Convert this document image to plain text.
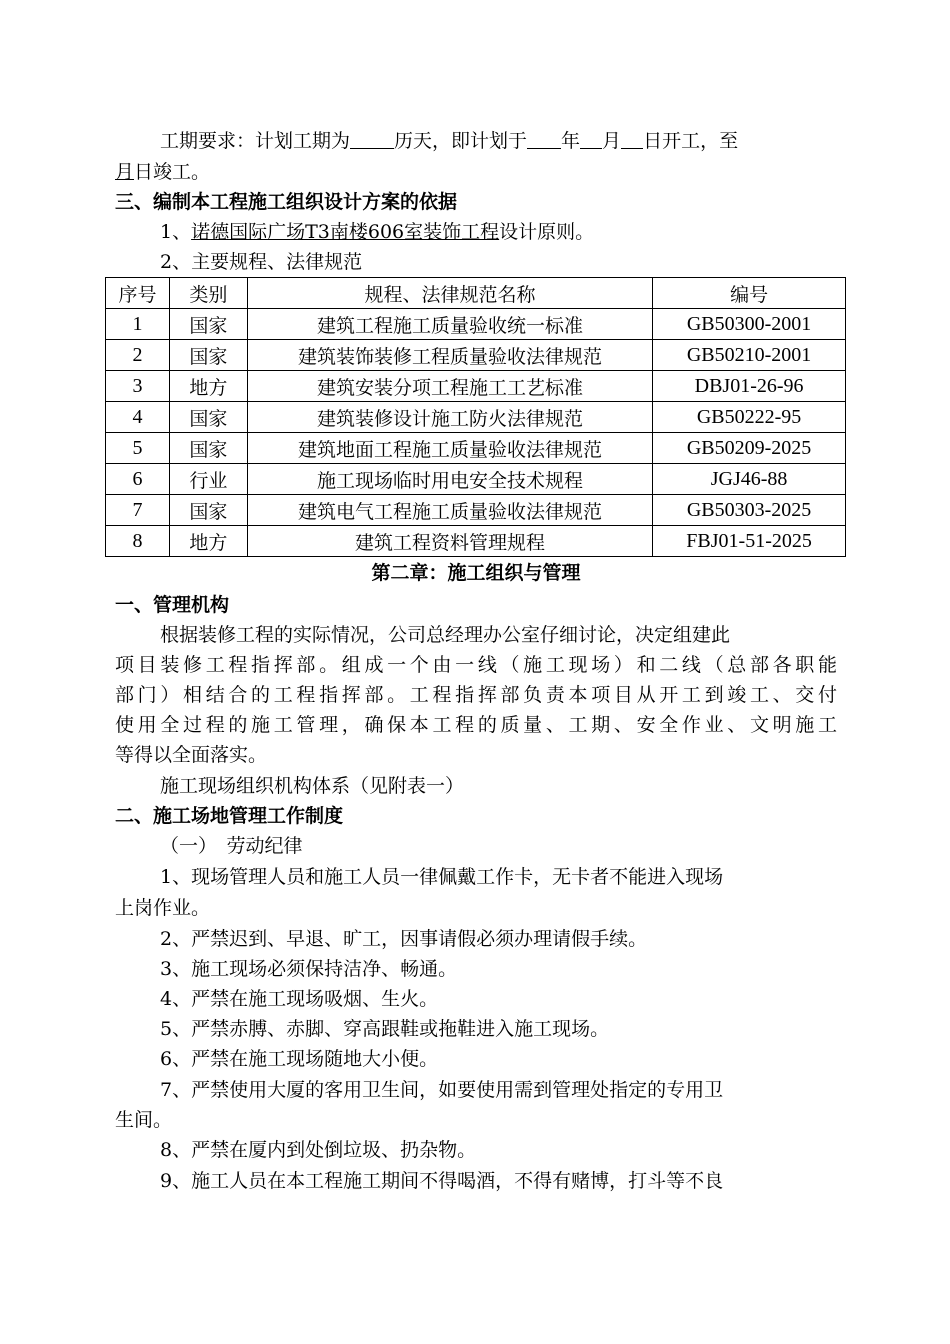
工期要求：计划工期为 历天，即计划于 年 月 日开工，至
月日竣工。
三、编制本工程施工组织设计方案的依据
1、诺德国际广场T3南楼606室装饰工程设计原则。
2、主要规程、法律规范
序号	类别	规程、法律规范名称	编号
1	国家	建筑工程施工质量验收统一标准	GB50300-2001
2	国家	建筑装饰装修工程质量验收法律规范	GB50210-2001
3	地方	建筑安装分项工程施工工艺标准	DBJ01-26-96
4	国家	建筑装修设计施工防火法律规范	GB50222-95
5	国家	建筑地面工程施工质量验收法律规范	GB50209-2025
6	行业	施工现场临时用电安全技术规程	JGJ46-88
7	国家	建筑电气工程施工质量验收法律规范	GB50303-2025
8	地方	建筑工程资料管理规程	FBJ01-51-2025
第二章：施工组织与管理
一、管理机构
根据装修工程的实际情况，公司总经理办公室仔细讨论，决定组建此
项目装修工程指挥部。组成一个由一线（施工现场）和二线（总部各职能
部门）相结合的工程指挥部。工程指挥部负责本项目从开工到竣工、交付
使用全过程的施工管理，确保本工程的质量、工期、安全作业、文明施工
等得以全面落实。
施工现场组织机构体系（见附表一）
二、施工场地管理工作制度
（一）　劳动纪律
1、现场管理人员和施工人员一律佩戴工作卡，无卡者不能进入现场
上岗作业。
2、严禁迟到、早退、旷工，因事请假必须办理请假手续。
3、施工现场必须保持洁净、畅通。
4、严禁在施工现场吸烟、生火。
5、严禁赤膊、赤脚、穿高跟鞋或拖鞋进入施工现场。
6、严禁在施工现场随地大小便。
7、严禁使用大厦的客用卫生间，如要使用需到管理处指定的专用卫
生间。
8、严禁在厦内到处倒垃圾、扔杂物。
9、施工人员在本工程施工期间不得喝酒，不得有赌博，打斗等不良
